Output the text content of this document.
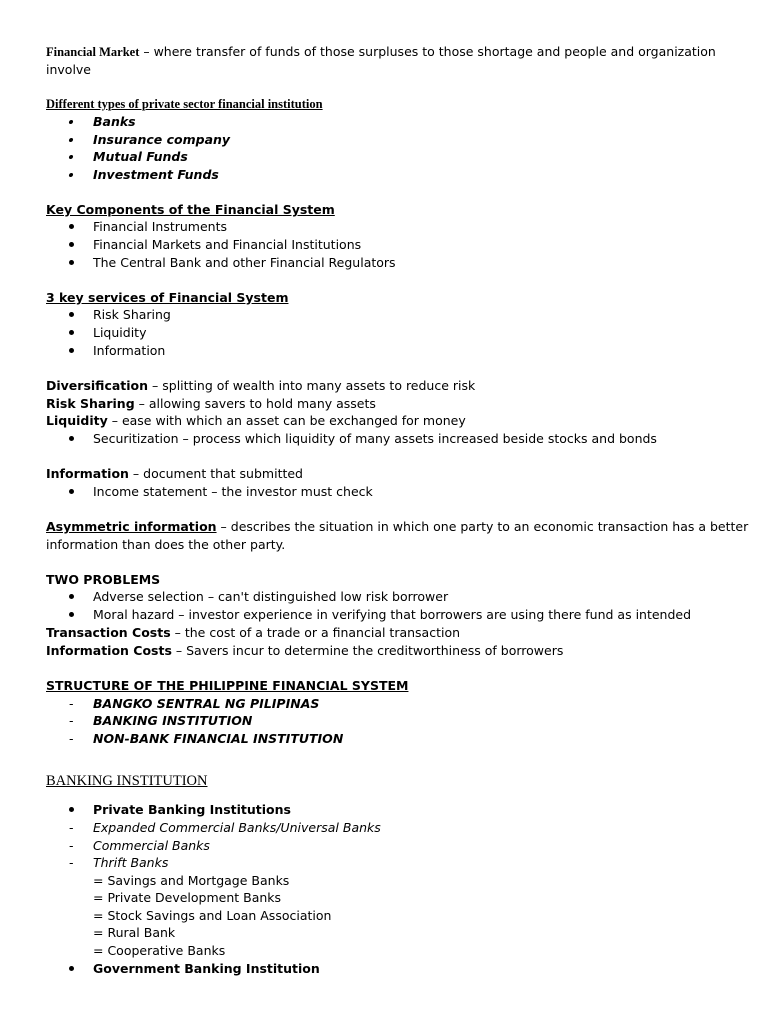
Financial Market – where transfer of funds of those surpluses to those shortage and people and organization
involve
Different types of private sector financial institution
Banks
Insurance company
Mutual Funds
Investment Funds
Key Components of the Financial System
Financial Instruments
Financial Markets and Financial Institutions
The Central Bank and other Financial Regulators
3 key services of Financial System
Risk Sharing
Liquidity
Information
Diversification – splitting of wealth into many assets to reduce risk
Risk Sharing – allowing savers to hold many assets
Liquidity – ease with which an asset can be exchanged for money
Securitization – process which liquidity of many assets increased beside stocks and bonds
Information – document that submitted
Income statement – the investor must check
Asymmetric information – describes the situation in which one party to an economic transaction has a better
information than does the other party.
TWO PROBLEMS
Adverse selection – can't distinguished low risk borrower
Moral hazard – investor experience in verifying that borrowers are using there fund as intended
Transaction Costs – the cost of a trade or a financial transaction
Information Costs – Savers incur to determine the creditworthiness of borrowers
STRUCTURE OF THE PHILIPPINE FINANCIAL SYSTEM
- BANGKO SENTRAL NG PILIPINAS
- BANKING INSTITUTION
- NON-BANK FINANCIAL INSTITUTION
BANKING INSTITUTION
Private Banking Institutions
- Expanded Commercial Banks/Universal Banks
- Commercial Banks
- Thrift Banks
= Savings and Mortgage Banks
= Private Development Banks
= Stock Savings and Loan Association
= Rural Bank
= Cooperative Banks
Government Banking Institution
